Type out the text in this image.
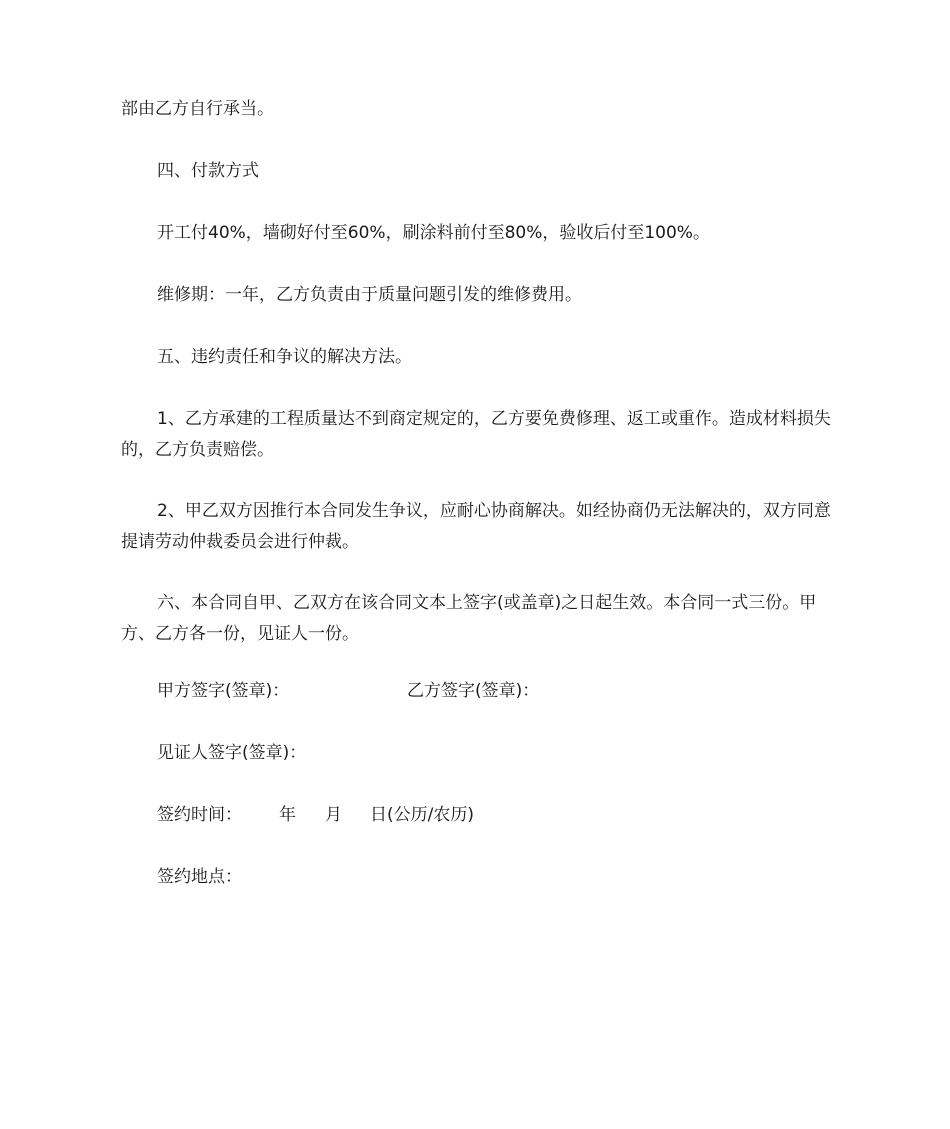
部由乙方自行承当。

四、付款方式

开工付40%，墙砌好付至60%，刷涂料前付至80%，验收后付至100%。

维修期：一年，乙方负责由于质量问题引发的维修费用。

五、违约责任和争议的解决方法。

1、乙方承建的工程质量达不到商定规定的，乙方要免费修理、返工或重作。造成材料损失的，乙方负责赔偿。

2、甲乙双方因推行本合同发生争议，应耐心协商解决。如经协商仍无法解决的，双方同意提请劳动仲裁委员会进行仲裁。

六、本合同自甲、乙双方在该合同文本上签字(或盖章)之日起生效。本合同一式三份。甲方、乙方各一份，见证人一份。

甲方签字(签章)：	乙方签字(签章)：
见证人签字(签章)：
签约时间： 年 月 日(公历/农历)
签约地点：
